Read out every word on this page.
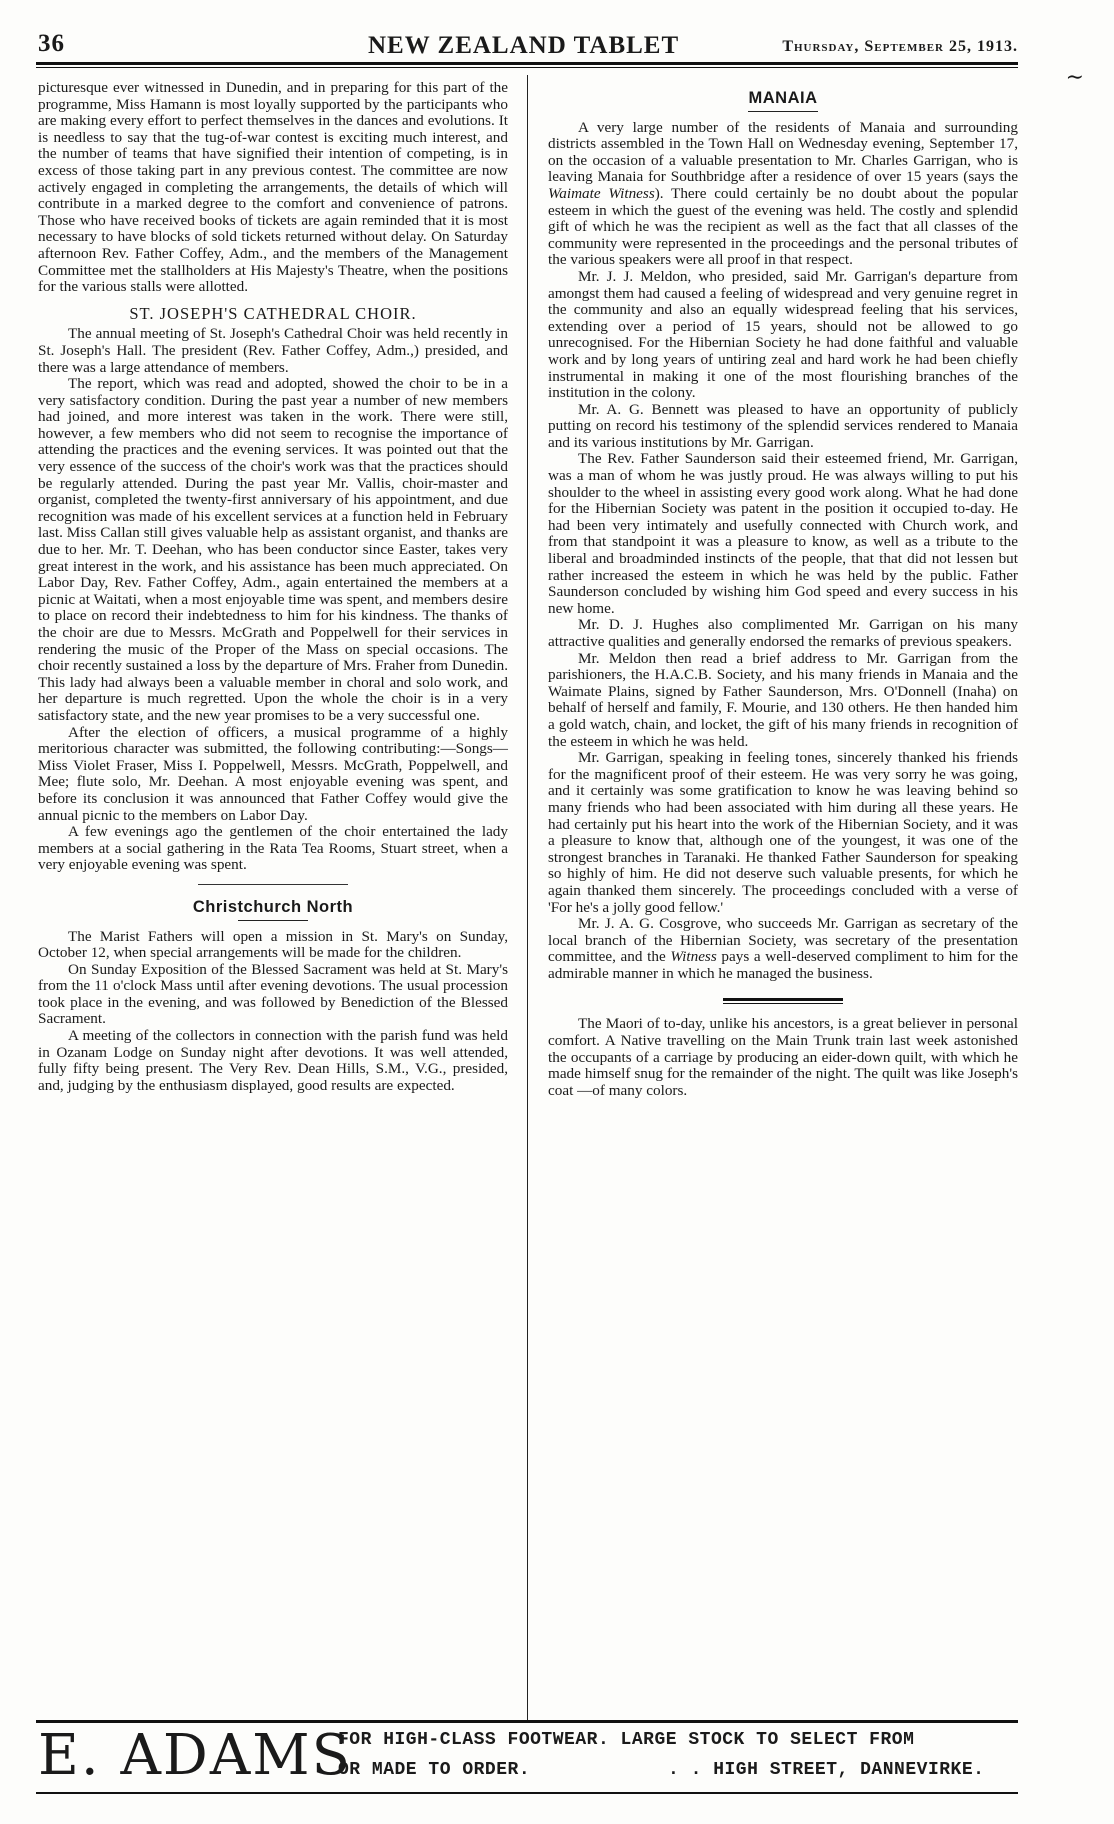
36	NEW ZEALAND TABLET	Thursday, September 25, 1913.
∼

picturesque ever witnessed in Dunedin, and in preparing for this part of the programme, Miss Hamann is most loyally supported by the participants who are making every effort to perfect themselves in the dances and evolutions. It is needless to say that the tug-of-war contest is exciting much interest, and the number of teams that have signified their intention of competing, is in excess of those taking part in any previous contest. The committee are now actively engaged in completing the arrangements, the details of which will contribute in a marked degree to the comfort and convenience of patrons. Those who have received books of tickets are again reminded that it is most necessary to have blocks of sold tickets returned without delay. On Saturday afternoon Rev. Father Coffey, Adm., and the members of the Management Committee met the stallholders at His Majesty's Theatre, when the positions for the various stalls were allotted.

ST. JOSEPH'S CATHEDRAL CHOIR.

The annual meeting of St. Joseph's Cathedral Choir was held recently in St. Joseph's Hall. The president (Rev. Father Coffey, Adm.,) presided, and there was a large attendance of members.

The report, which was read and adopted, showed the choir to be in a very satisfactory condition. During the past year a number of new members had joined, and more interest was taken in the work. There were still, however, a few members who did not seem to recognise the importance of attending the practices and the evening services. It was pointed out that the very essence of the success of the choir's work was that the practices should be regularly attended. During the past year Mr. Vallis, choir-master and organist, completed the twenty-first anniversary of his appointment, and due recognition was made of his excellent services at a function held in February last. Miss Callan still gives valuable help as assistant organist, and thanks are due to her. Mr. T. Deehan, who has been conductor since Easter, takes very great interest in the work, and his assistance has been much appreciated. On Labor Day, Rev. Father Coffey, Adm., again entertained the members at a picnic at Waitati, when a most enjoyable time was spent, and members desire to place on record their indebtedness to him for his kindness. The thanks of the choir are due to Messrs. McGrath and Poppelwell for their services in rendering the music of the Proper of the Mass on special occasions. The choir recently sustained a loss by the departure of Mrs. Fraher from Dunedin. This lady had always been a valuable member in choral and solo work, and her departure is much regretted. Upon the whole the choir is in a very satisfactory state, and the new year promises to be a very successful one.

After the election of officers, a musical programme of a highly meritorious character was submitted, the following contributing:—Songs—Miss Violet Fraser, Miss I. Poppelwell, Messrs. McGrath, Poppelwell, and Mee; flute solo, Mr. Deehan. A most enjoyable evening was spent, and before its conclusion it was announced that Father Coffey would give the annual picnic to the members on Labor Day.

A few evenings ago the gentlemen of the choir entertained the lady members at a social gathering in the Rata Tea Rooms, Stuart street, when a very enjoyable evening was spent.

Christchurch North

The Marist Fathers will open a mission in St. Mary's on Sunday, October 12, when special arrangements will be made for the children.

On Sunday Exposition of the Blessed Sacrament was held at St. Mary's from the 11 o'clock Mass until after evening devotions. The usual procession took place in the evening, and was followed by Benediction of the Blessed Sacrament.

A meeting of the collectors in connection with the parish fund was held in Ozanam Lodge on Sunday night after devotions. It was well attended, fully fifty being present. The Very Rev. Dean Hills, S.M., V.G., presided, and, judging by the enthusiasm displayed, good results are expected.

MANAIA

A very large number of the residents of Manaia and surrounding districts assembled in the Town Hall on Wednesday evening, September 17, on the occasion of a valuable presentation to Mr. Charles Garrigan, who is leaving Manaia for Southbridge after a residence of over 15 years (says the Waimate Witness). There could certainly be no doubt about the popular esteem in which the guest of the evening was held. The costly and splendid gift of which he was the recipient as well as the fact that all classes of the community were represented in the proceedings and the personal tributes of the various speakers were all proof in that respect.

Mr. J. J. Meldon, who presided, said Mr. Garrigan's departure from amongst them had caused a feeling of widespread and very genuine regret in the community and also an equally widespread feeling that his services, extending over a period of 15 years, should not be allowed to go unrecognised. For the Hibernian Society he had done faithful and valuable work and by long years of untiring zeal and hard work he had been chiefly instrumental in making it one of the most flourishing branches of the institution in the colony.

Mr. A. G. Bennett was pleased to have an opportunity of publicly putting on record his testimony of the splendid services rendered to Manaia and its various institutions by Mr. Garrigan.

The Rev. Father Saunderson said their esteemed friend, Mr. Garrigan, was a man of whom he was justly proud. He was always willing to put his shoulder to the wheel in assisting every good work along. What he had done for the Hibernian Society was patent in the position it occupied to-day. He had been very intimately and usefully connected with Church work, and from that standpoint it was a pleasure to know, as well as a tribute to the liberal and broadminded instincts of the people, that that did not lessen but rather increased the esteem in which he was held by the public. Father Saunderson concluded by wishing him God speed and every success in his new home.

Mr. D. J. Hughes also complimented Mr. Garrigan on his many attractive qualities and generally endorsed the remarks of previous speakers.

Mr. Meldon then read a brief address to Mr. Garrigan from the parishioners, the H.A.C.B. Society, and his many friends in Manaia and the Waimate Plains, signed by Father Saunderson, Mrs. O'Donnell (Inaha) on behalf of herself and family, F. Mourie, and 130 others. He then handed him a gold watch, chain, and locket, the gift of his many friends in recognition of the esteem in which he was held.

Mr. Garrigan, speaking in feeling tones, sincerely thanked his friends for the magnificent proof of their esteem. He was very sorry he was going, and it certainly was some gratification to know he was leaving behind so many friends who had been associated with him during all these years. He had certainly put his heart into the work of the Hibernian Society, and it was a pleasure to know that, although one of the youngest, it was one of the strongest branches in Taranaki. He thanked Father Saunderson for speaking so highly of him. He did not deserve such valuable presents, for which he again thanked them sincerely. The proceedings concluded with a verse of 'For he's a jolly good fellow.'

Mr. J. A. G. Cosgrove, who succeeds Mr. Garrigan as secretary of the local branch of the Hibernian Society, was secretary of the presentation committee, and the Witness pays a well-deserved compliment to him for the admirable manner in which he managed the business.

The Maori of to-day, unlike his ancestors, is a great believer in personal comfort. A Native travelling on the Main Trunk train last week astonished the occupants of a carriage by producing an eider-down quilt, with which he made himself snug for the remainder of the night. The quilt was like Joseph's coat —of many colors.

E. ADAMS
FOR HIGH-CLASS FOOTWEAR. LARGE STOCK TO SELECT FROM
OR MADE TO ORDER.	. . HIGH STREET, DANNEVIRKE.
